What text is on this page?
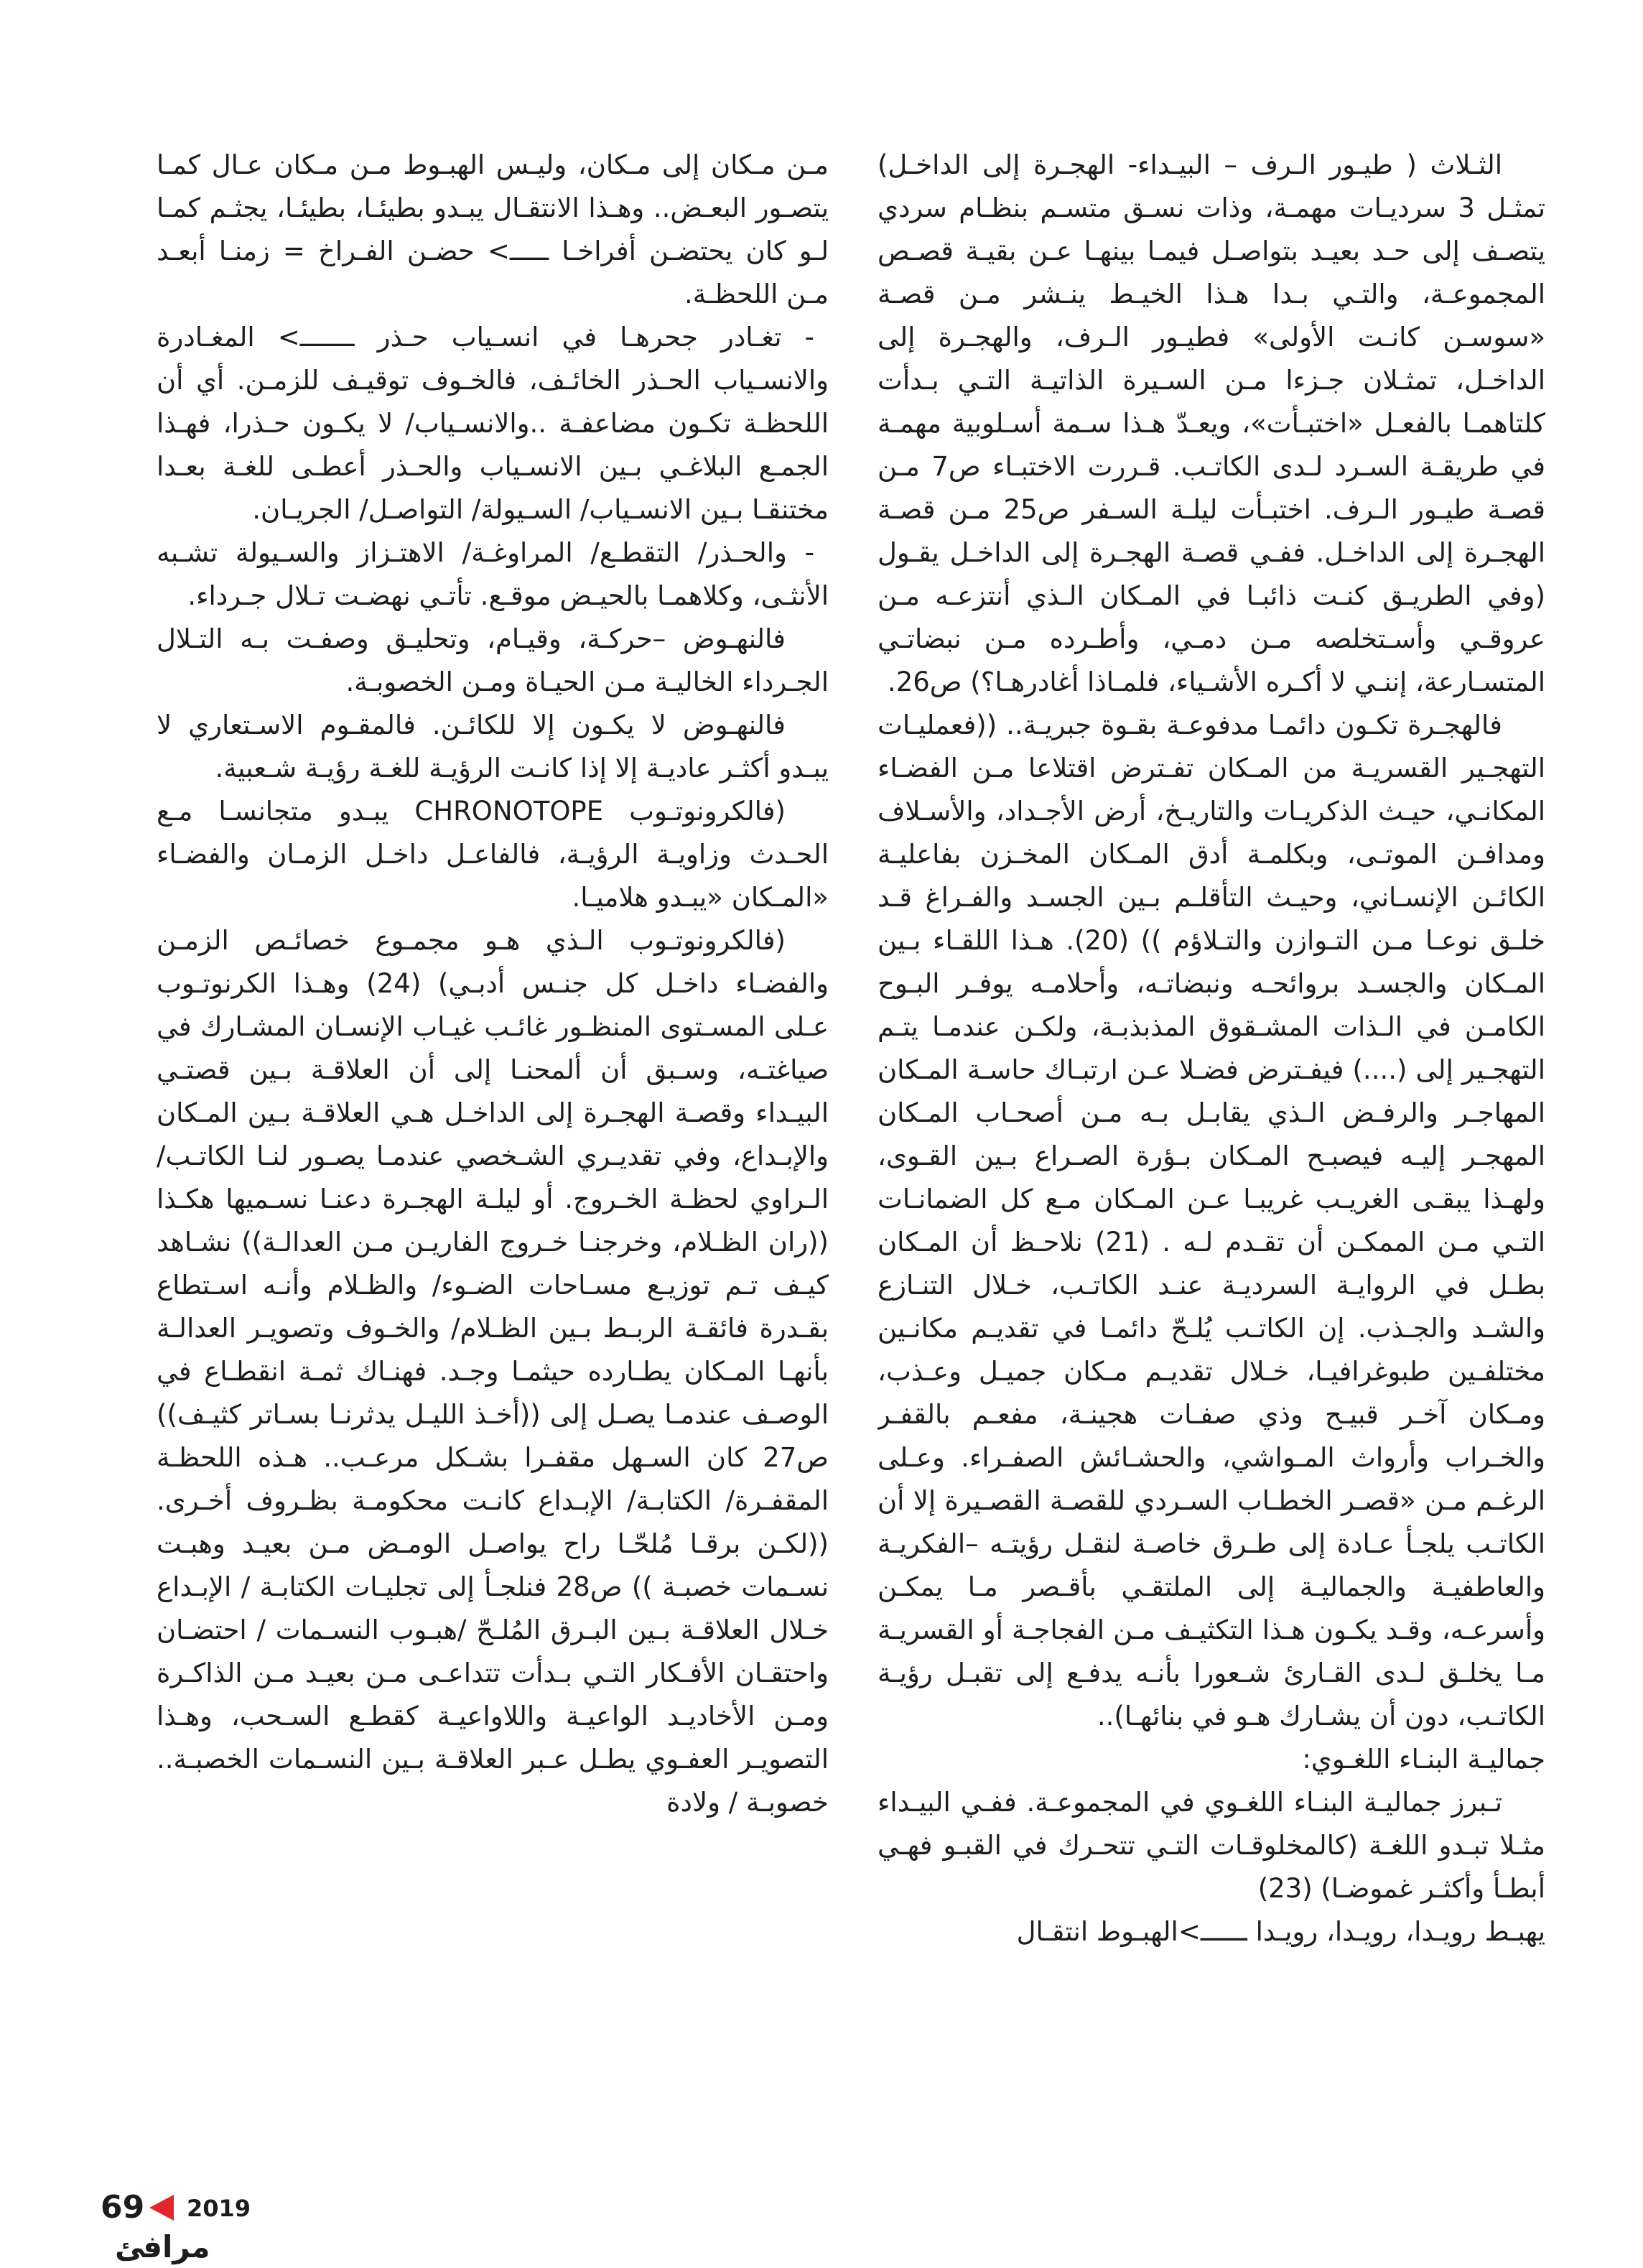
الثـلاث ( طيـور الـرف – البيـداء- الهجـرة إلى الداخـل) تمثـل 3 سرديـات مهمـة، وذات نسـق متسـم بنظـام سردي يتصـف إلى حـد بعيـد بتواصـل فيمـا بينهـا عـن بقيـة قصـص المجموعـة، والتـي بـدا هـذا الخيـط ينـشر مـن قصـة «سوسـن كانـت الأولى» فطيـور الـرف، والهجـرة إلى الداخـل، تمثـلان جـزءا مـن السـيرة الذاتيـة التـي بـدأت كلتاهمـا بالفعـل «اختبـأت»، ويعـدّ هـذا سـمة أسـلوبية مهمـة في طريقـة السـرد لـدى الكاتـب. قـررت الاختبـاء ص7 مـن قصـة طيـور الـرف. اختبـأت ليلـة السـفر ص25 مـن قصـة الهجـرة إلى الداخـل. ففـي قصـة الهجـرة إلى الداخـل يقـول (وفي الطريـق كنـت ذائبـا في المـكان الـذي أنتزعـه مـن عروقـي وأسـتخلصه مـن دمـي، وأطـرده مـن نبضاتـي المتسـارعة، إننـي لا أكـره الأشـياء، فلمـاذا أغادرهـا؟) ص26.

فالهجـرة تكـون دائمـا مدفوعـة بقـوة جبريـة.. ((فعمليـات التهجـير القسريـة من المـكان تفـترض اقتلاعا مـن الفضـاء المكانـي، حيـث الذكريـات والتاريـخ، أرض الأجـداد، والأسـلاف ومدافـن الموتـى، وبكلمـة أدق المـكان المخـزن بفاعليـة الكائـن الإنسـاني، وحيـث التأقلـم بـين الجسـد والفـراغ قـد خلـق نوعـا مـن التـوازن والتـلاؤم )) (20). هـذا اللقـاء بـين المـكان والجسـد بروائحـه ونبضاتـه، وأحلامـه يوفـر البـوح الكامـن في الـذات المشـقوق المذبذبـة، ولكـن عندمـا يتـم التهجـير إلى (....) فيفـترض فضـلا عـن ارتبـاك حاسـة المـكان المهاجـر والرفـض الـذي يقابـل بـه مـن أصحـاب المـكان المهجـر إليـه فيصبـح المـكان بـؤرة الصـراع بـين القـوى، ولهـذا يبقـى الغريـب غريبـا عـن المـكان مـع كل الضمانـات التـي مـن الممكـن أن تقـدم لـه . (21) نلاحـظ أن المـكان بطـل في الروايـة السرديـة عنـد الكاتـب، خـلال التنـازع والشـد والجـذب. إن الكاتـب يُلـحّ دائمـا في تقديـم مكانـين مختلفـين طبوغرافيـا، خـلال تقديـم مـكان جميـل وعـذب، ومـكان آخـر قبيـح وذي صفـات هجينـة، مفعـم بالقفـر والخـراب وأرواث المـواشي، والحشـائش الصفـراء. وعـلى الرغـم مـن «قصـر الخطـاب السـردي للقصـة القصـيرة إلا أن الكاتـب يلجـأ عـادة إلى طـرق خاصـة لنقـل رؤيتـه –الفكريـة والعاطفيـة والجماليـة إلى الملتقـي بأقـصر مـا يمكـن وأسرعـه، وقـد يكـون هـذا التكثيـف مـن الفجاجـة أو القسريـة مـا يخلـق لـدى القـارئ شـعورا بأنـه يدفـع إلى تقبـل رؤيـة الكاتـب، دون أن يشـارك هـو في بنائهـا)..

جماليـة البنـاء اللغـوي:

تـبرز جماليـة البنـاء اللغـوي في المجموعـة. ففـي البيـداء مثـلا تبـدو اللغـة (كالمخلوقـات التـي تتحـرك في القبـو فهـي أبطـأ وأكثـر غموضـا) (23)

يهبـط رويـدا، رويـدا، رويـدا ــــــ>الهبـوط انتقـال

مـن مـكان إلى مـكان، وليـس الهبـوط مـن مـكان عـال كمـا يتصـور البعـض.. وهـذا الانتقـال يبـدو بطيئـا، بطيئـا، يجثـم كمـا لـو كان يحتضـن أفراخـا ـــــ> حضـن الفـراخ = زمنـا أبعـد مـن اللحظـة.

- تغـادر جحرهـا في انسـياب حـذر ـــــــ> المغـادرة والانسـياب الحـذر الخائـف، فالخـوف توقيـف للزمـن. أي أن اللحظـة تكـون مضاعفـة ..والانسـياب/ لا يكـون حـذرا، فهـذا الجمـع البلاغـي بـين الانسـياب والحـذر أعطـى للغـة بعـدا مختنقـا بـين الانسـياب/ السـيولة/ التواصـل/ الجريـان.

- والحـذر/ التقطـع/ المراوغـة/ الاهتـزاز والسـيولة تشـبه الأنثـى، وكلاهمـا بالحيـض موقـع. تأتـي نهضـت تـلال جـرداء.

فالنهـوض –حركـة، وقيـام، وتحليـق وصفـت بـه التـلال الجـرداء الخاليـة مـن الحيـاة ومـن الخصوبـة.

فالنهـوض لا يكـون إلا للكائـن. فالمقـوم الاسـتعاري لا يبـدو أكثـر عاديـة إلا إذا كانـت الرؤيـة للغـة رؤيـة شـعبية.

(فالكرونوتـوب CHRONOTOPE يبـدو متجانسـا مـع الحـدث وزاويـة الرؤيـة، فالفاعـل داخـل الزمـان والفضـاء «المـكان «يبـدو هلاميـا.

(فالكرونوتـوب الـذي هـو مجمـوع خصائـص الزمـن والفضـاء داخـل كل جنـس أدبـي) (24) وهـذا الكرنوتـوب عـلى المسـتوى المنظـور غائـب غيـاب الإنسـان المشـارك في صياغتـه، وسـبق أن ألمحنـا إلى أن العلاقـة بـين قصتـي البيـداء وقصـة الهجـرة إلى الداخـل هـي العلاقـة بـين المـكان والإبـداع، وفي تقديـري الشـخصي عندمـا يصـور لنـا الكاتـب/ الـراوي لحظـة الخـروج. أو ليلـة الهجـرة دعنـا نسـميها هكـذا ((ران الظـلام، وخرجنـا خـروج الفاريـن مـن العدالـة)) نشـاهد كيـف تـم توزيـع مسـاحات الضـوء/ والظـلام وأنـه اسـتطاع بقـدرة فائقـة الربـط بـين الظـلام/ والخـوف وتصويـر العدالـة بأنهـا المـكان يطـارده حيثمـا وجـد. فهنـاك ثمـة انقطـاع في الوصـف عندمـا يصـل إلى ((أخـذ الليـل يدثرنـا بسـاتر كثيـف)) ص27 كان السـهل مقفـرا بشـكل مرعـب.. هـذه اللحظـة المقفـرة/ الكتابـة/ الإبـداع كانـت محكومـة بظـروف أخـرى. ((لكـن برقـا مُلحّـا راح يواصـل الومـض مـن بعيـد وهبـت نسـمات خصبـة )) ص28 فنلجـأ إلى تجليـات الكتابـة / الإبـداع خـلال العلاقـة بـين البـرق المُلـحّ /هبـوب النسـمات / احتضـان واحتقـان الأفـكار التـي بـدأت تتداعـى مـن بعيـد مـن الذاكـرة ومـن الأخاديـد الواعيـة واللاواعيـة كقطـع السـحب، وهـذا التصويـر العفـوي يطـل عـبر العلاقـة بـين النسـمات الخصبـة.. خصوبـة / ولادة

69 2019
مرافئ
